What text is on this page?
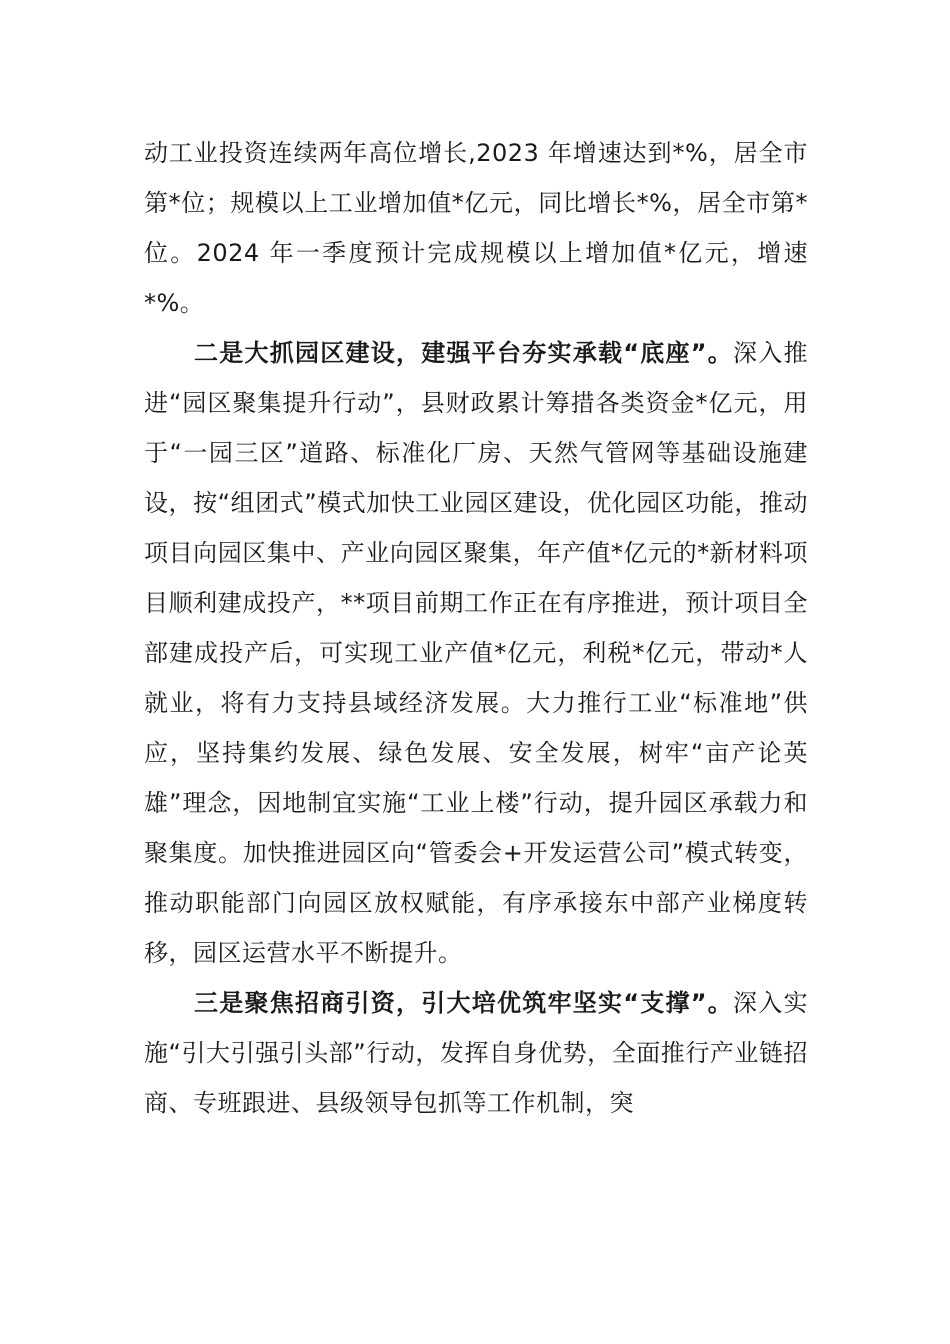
动工业投资连续两年高位增长,2023 年增速达到*%，居全市第*位；规模以上工业增加值*亿元，同比增长*%，居全市第*位。2024 年一季度预计完成规模以上增加值*亿元，增速*%。

二是大抓园区建设，建强平台夯实承载“底座”。深入推进“园区聚集提升行动”，县财政累计筹措各类资金*亿元，用于“一园三区”道路、标准化厂房、天然气管网等基础设施建设，按“组团式”模式加快工业园区建设，优化园区功能，推动项目向园区集中、产业向园区聚集，年产值*亿元的*新材料项目顺利建成投产，**项目前期工作正在有序推进，预计项目全部建成投产后，可实现工业产值*亿元，利税*亿元，带动*人就业，将有力支持县域经济发展。大力推行工业“标准地”供应，坚持集约发展、绿色发展、安全发展，树牢“亩产论英雄”理念，因地制宜实施“工业上楼”行动，提升园区承载力和聚集度。加快推进园区向“管委会+开发运营公司”模式转变，推动职能部门向园区放权赋能，有序承接东中部产业梯度转移，园区运营水平不断提升。

三是聚焦招商引资，引大培优筑牢坚实“支撑”。深入实施“引大引强引头部”行动，发挥自身优势，全面推行产业链招商、专班跟进、县级领导包抓等工作机制，突
